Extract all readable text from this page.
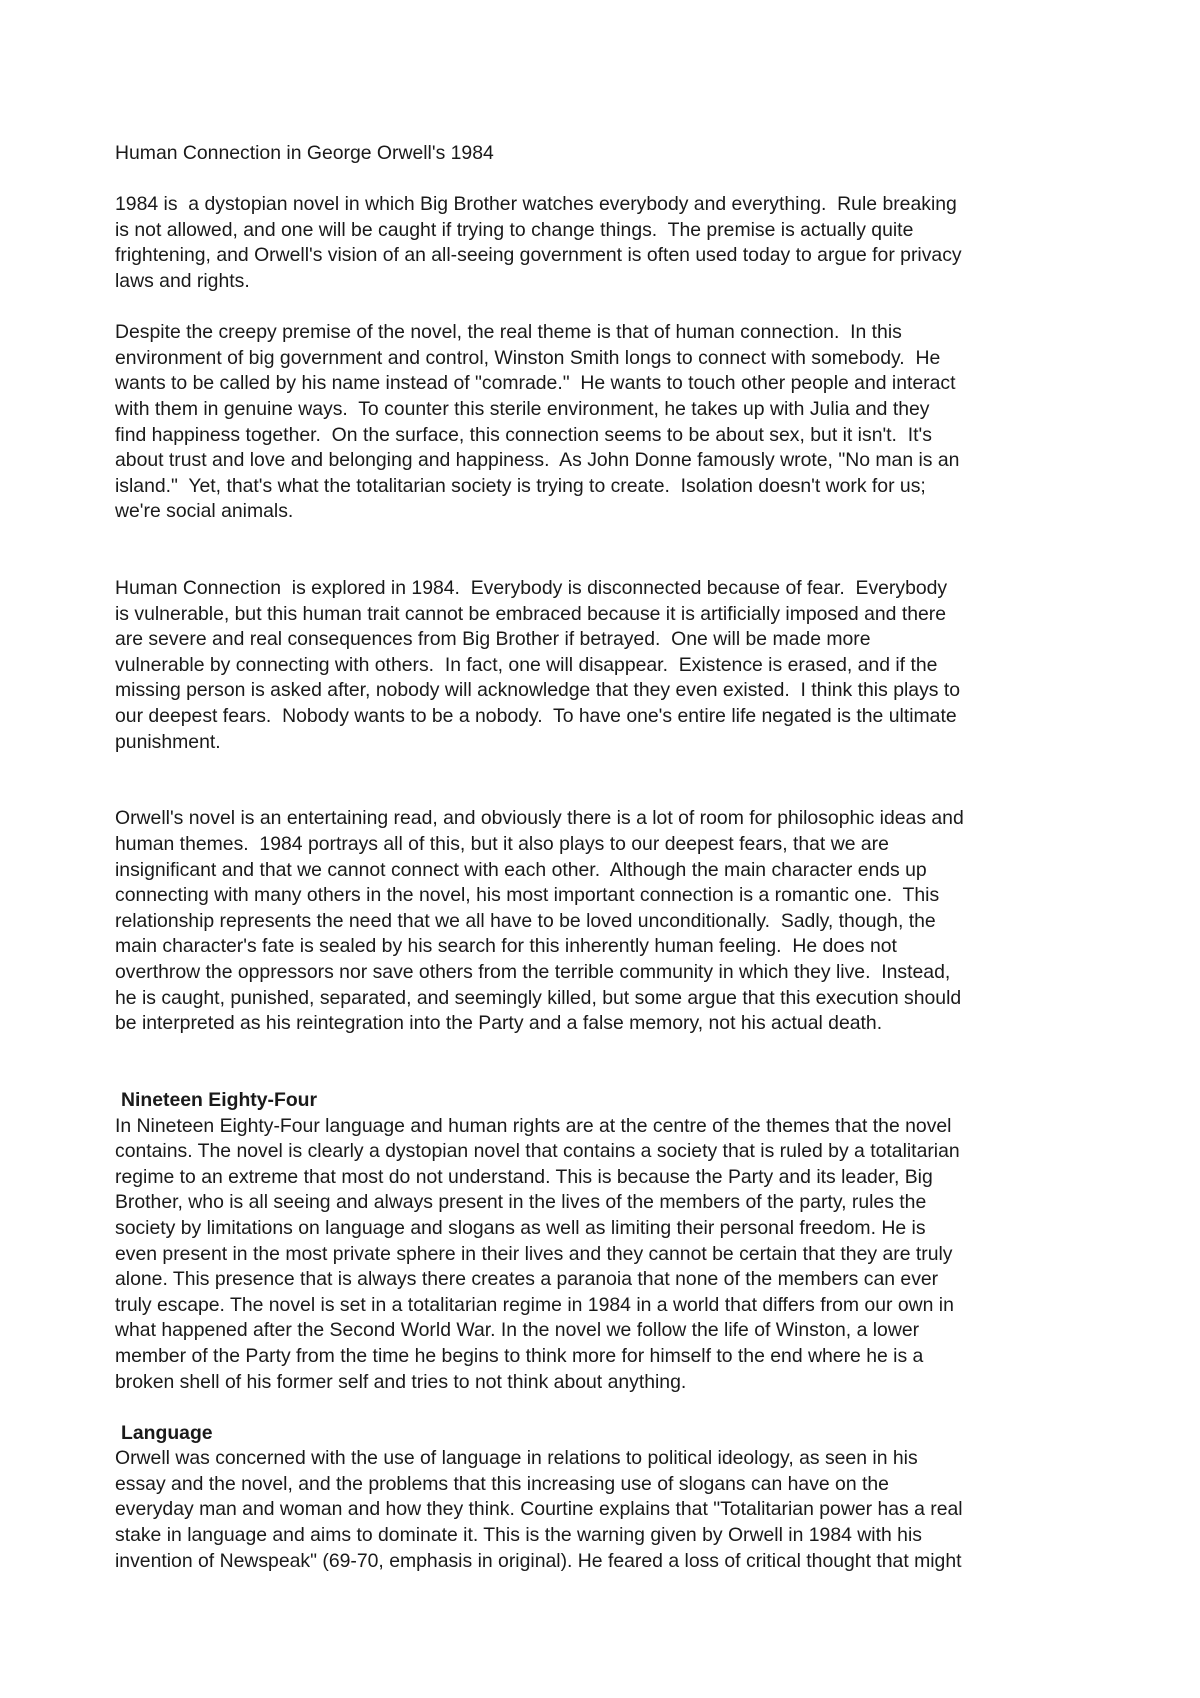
Human Connection in George Orwell's 1984
1984 is  a dystopian novel in which Big Brother watches everybody and everything.  Rule breaking
is not allowed, and one will be caught if trying to change things.  The premise is actually quite
frightening, and Orwell's vision of an all-seeing government is often used today to argue for privacy
laws and rights.
Despite the creepy premise of the novel, the real theme is that of human connection.  In this
environment of big government and control, Winston Smith longs to connect with somebody.  He
wants to be called by his name instead of "comrade."  He wants to touch other people and interact
with them in genuine ways.  To counter this sterile environment, he takes up with Julia and they
find happiness together.  On the surface, this connection seems to be about sex, but it isn't.  It's
about trust and love and belonging and happiness.  As John Donne famously wrote, "No man is an
island."  Yet, that's what the totalitarian society is trying to create.  Isolation doesn't work for us;
we're social animals.
Human Connection  is explored in 1984.  Everybody is disconnected because of fear.  Everybody
is vulnerable, but this human trait cannot be embraced because it is artificially imposed and there
are severe and real consequences from Big Brother if betrayed.  One will be made more
vulnerable by connecting with others.  In fact, one will disappear.  Existence is erased, and if the
missing person is asked after, nobody will acknowledge that they even existed.  I think this plays to
our deepest fears.  Nobody wants to be a nobody.  To have one's entire life negated is the ultimate
punishment.
Orwell's novel is an entertaining read, and obviously there is a lot of room for philosophic ideas and
human themes.  1984 portrays all of this, but it also plays to our deepest fears, that we are
insignificant and that we cannot connect with each other.  Although the main character ends up
connecting with many others in the novel, his most important connection is a romantic one.  This
relationship represents the need that we all have to be loved unconditionally.  Sadly, though, the
main character's fate is sealed by his search for this inherently human feeling.  He does not
overthrow the oppressors nor save others from the terrible community in which they live.  Instead,
he is caught, punished, separated, and seemingly killed, but some argue that this execution should
be interpreted as his reintegration into the Party and a false memory, not his actual death.
Nineteen Eighty-Four
In Nineteen Eighty-Four language and human rights are at the centre of the themes that the novel
contains. The novel is clearly a dystopian novel that contains a society that is ruled by a totalitarian
regime to an extreme that most do not understand. This is because the Party and its leader, Big
Brother, who is all seeing and always present in the lives of the members of the party, rules the
society by limitations on language and slogans as well as limiting their personal freedom. He is
even present in the most private sphere in their lives and they cannot be certain that they are truly
alone. This presence that is always there creates a paranoia that none of the members can ever
truly escape. The novel is set in a totalitarian regime in 1984 in a world that differs from our own in
what happened after the Second World War. In the novel we follow the life of Winston, a lower
member of the Party from the time he begins to think more for himself to the end where he is a
broken shell of his former self and tries to not think about anything.
Language
Orwell was concerned with the use of language in relations to political ideology, as seen in his
essay and the novel, and the problems that this increasing use of slogans can have on the
everyday man and woman and how they think. Courtine explains that "Totalitarian power has a real
stake in language and aims to dominate it. This is the warning given by Orwell in 1984 with his
invention of Newspeak" (69-70, emphasis in original). He feared a loss of critical thought that might
